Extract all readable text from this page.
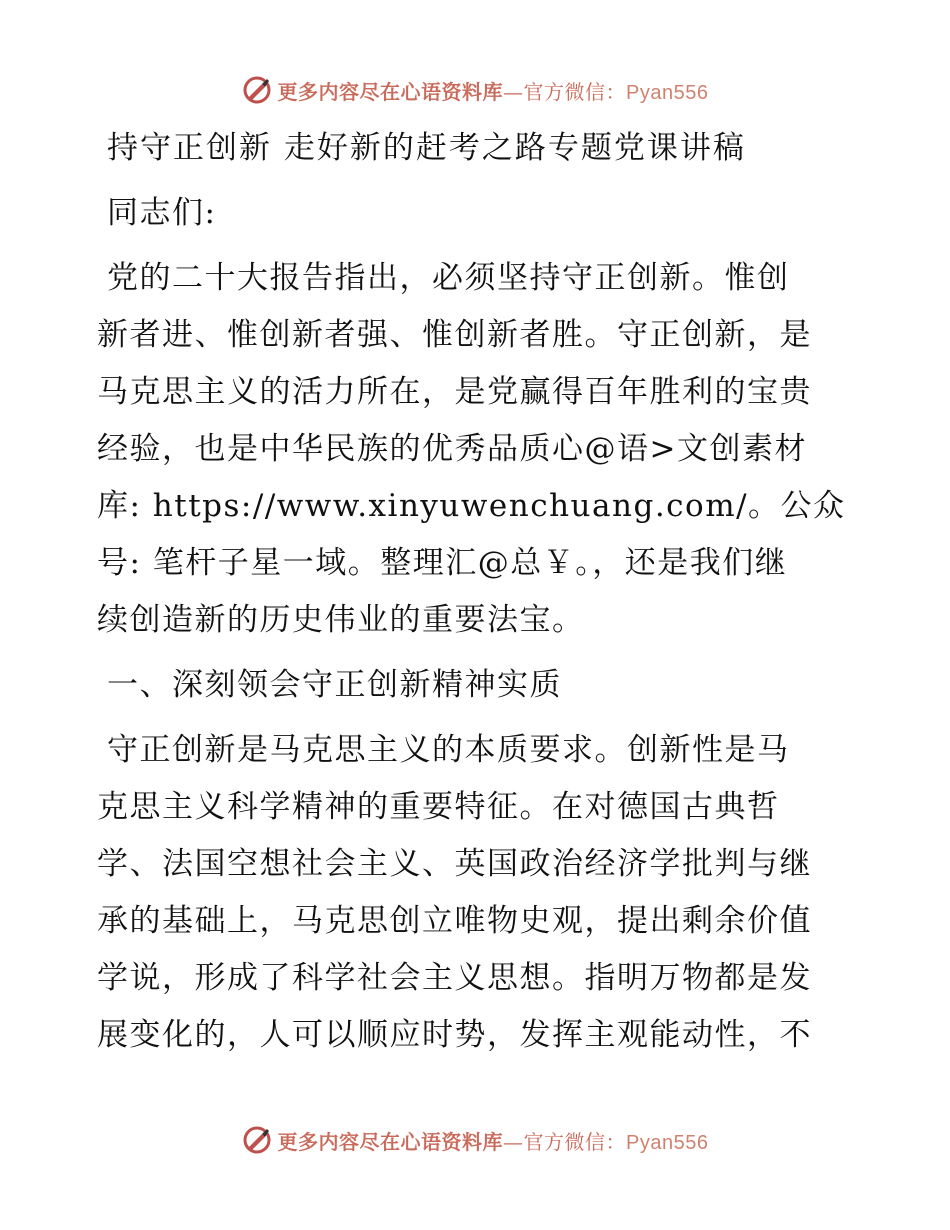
更多内容尽在心语资料库—官方微信：Pyan556
持守正创新 走好新的赶考之路专题党课讲稿
同志们:
党的二十大报告指出，必须坚持守正创新。惟创
新者进、惟创新者强、惟创新者胜。守正创新，是
马克思主义的活力所在，是党赢得百年胜利的宝贵
经验，也是中华民族的优秀品质心@语>文创素材
库: https://www.xinyuwenchuang.com/。公众
号: 笔杆子星一域。整理汇@总￥。，还是我们继
续创造新的历史伟业的重要法宝。
一、深刻领会守正创新精神实质
守正创新是马克思主义的本质要求。创新性是马
克思主义科学精神的重要特征。在对德国古典哲
学、法国空想社会主义、英国政治经济学批判与继
承的基础上，马克思创立唯物史观，提出剩余价值
学说，形成了科学社会主义思想。指明万物都是发
展变化的，人可以顺应时势，发挥主观能动性，不
更多内容尽在心语资料库—官方微信：Pyan556
